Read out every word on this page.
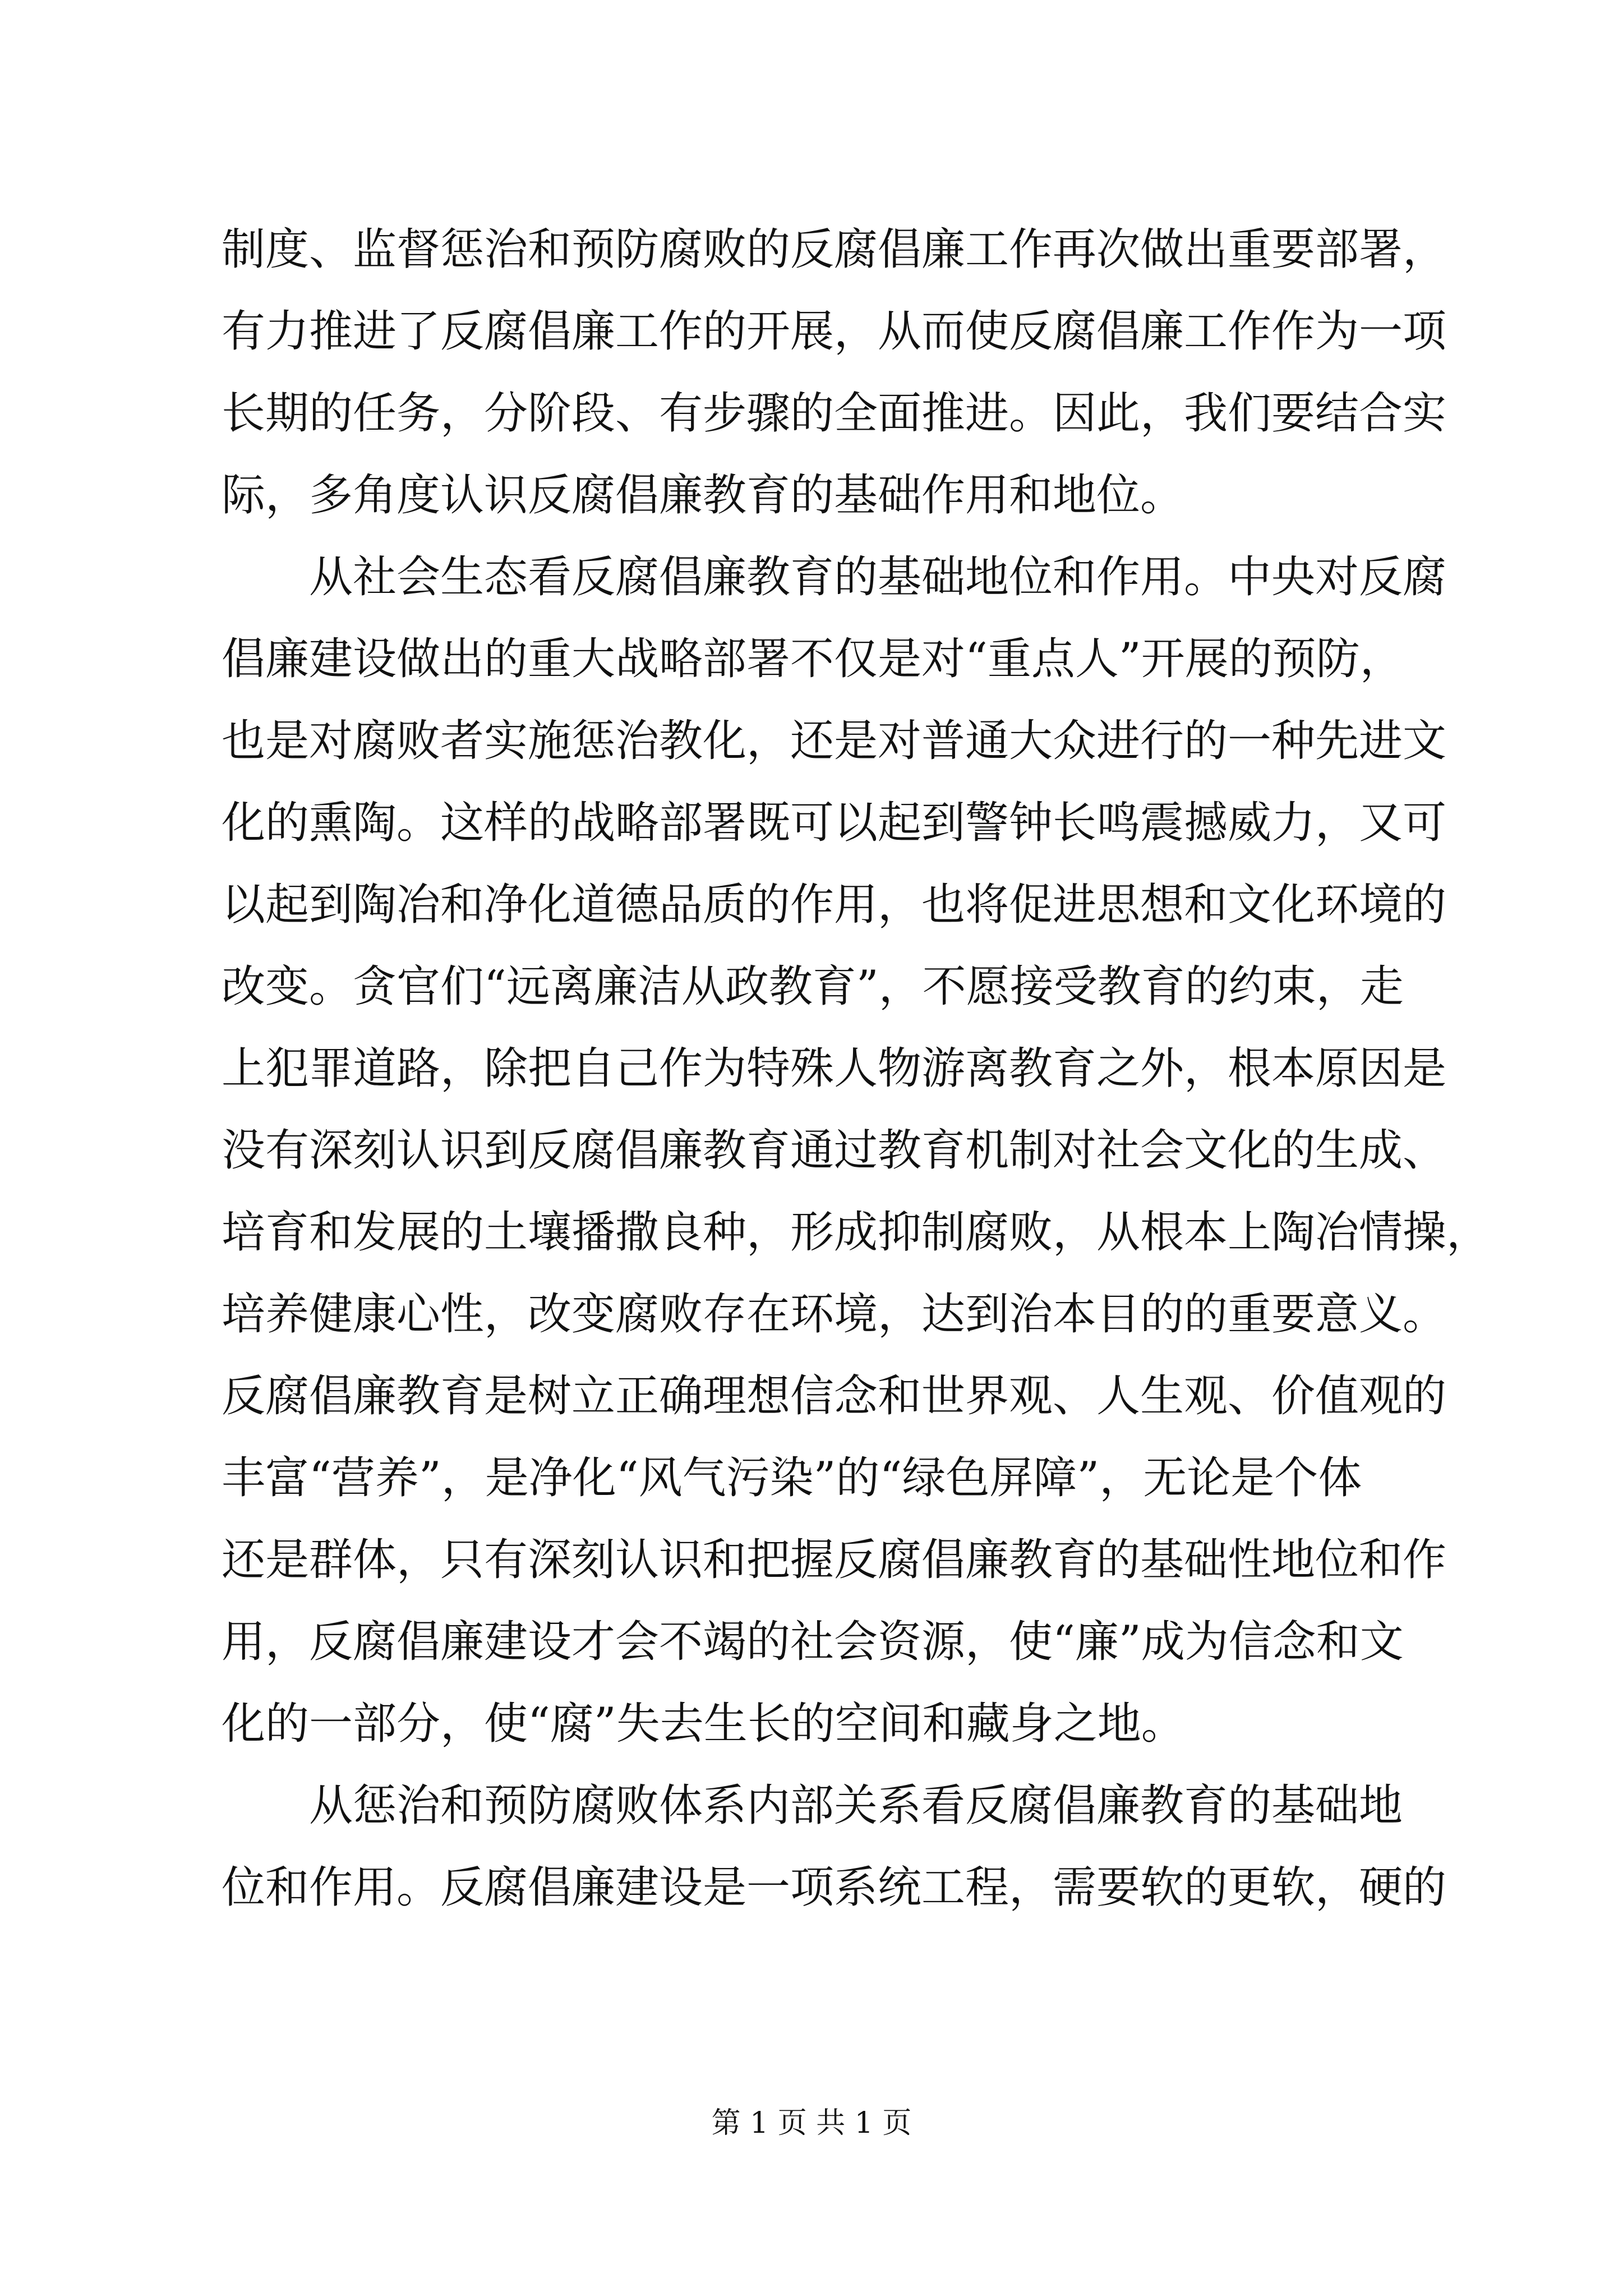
制度、监督惩治和预防腐败的反腐倡廉工作再次做出重要部署，
有力推进了反腐倡廉工作的开展，从而使反腐倡廉工作作为一项
长期的任务，分阶段、有步骤的全面推进。因此，我们要结合实
际，多角度认识反腐倡廉教育的基础作用和地位。
从社会生态看反腐倡廉教育的基础地位和作用。中央对反腐
倡廉建设做出的重大战略部署不仅是对“重点人”开展的预防，
也是对腐败者实施惩治教化，还是对普通大众进行的一种先进文
化的熏陶。这样的战略部署既可以起到警钟长鸣震撼威力，又可
以起到陶冶和净化道德品质的作用，也将促进思想和文化环境的
改变。贪官们“远离廉洁从政教育”，不愿接受教育的约束，走
上犯罪道路，除把自己作为特殊人物游离教育之外，根本原因是
没有深刻认识到反腐倡廉教育通过教育机制对社会文化的生成、
培育和发展的土壤播撒良种，形成抑制腐败，从根本上陶冶情操，
培养健康心性，改变腐败存在环境，达到治本目的的重要意义。
反腐倡廉教育是树立正确理想信念和世界观、人生观、价值观的
丰富“营养”，是净化“风气污染”的“绿色屏障”，无论是个体
还是群体，只有深刻认识和把握反腐倡廉教育的基础性地位和作
用，反腐倡廉建设才会不竭的社会资源，使“廉”成为信念和文
化的一部分，使“腐”失去生长的空间和藏身之地。
从惩治和预防腐败体系内部关系看反腐倡廉教育的基础地
位和作用。反腐倡廉建设是一项系统工程，需要软的更软，硬的
第 1 页 共 1 页
